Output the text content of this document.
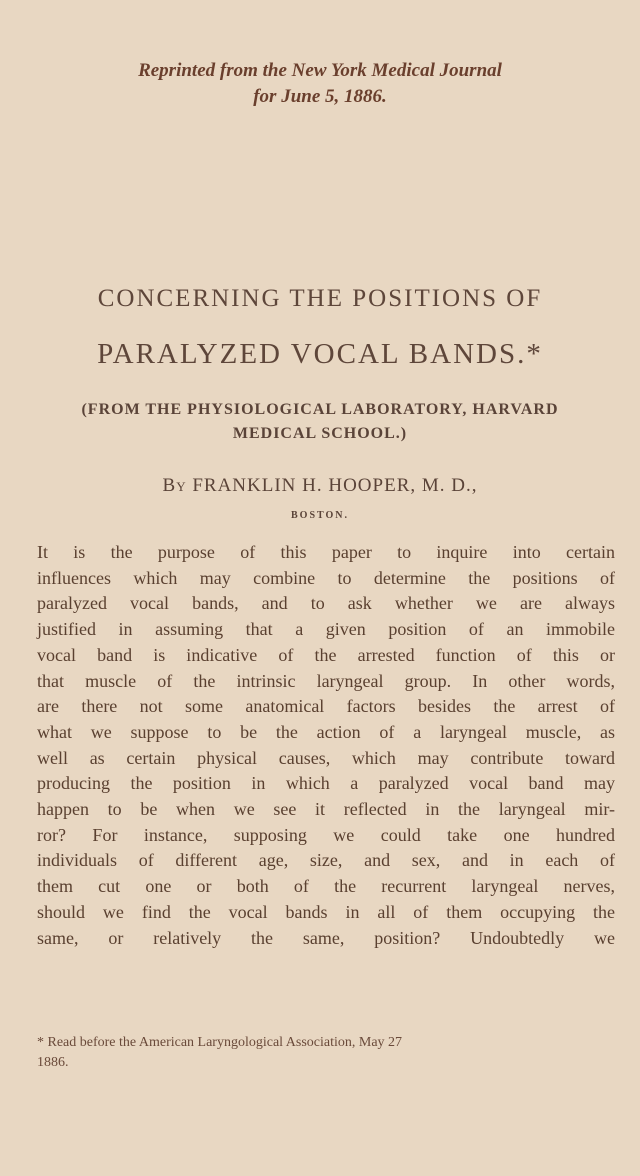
Reprinted from the New York Medical Journal
for June 5, 1886.
CONCERNING THE POSITIONS OF
PARALYZED VOCAL BANDS.*
(FROM THE PHYSIOLOGICAL LABORATORY, HARVARD
MEDICAL SCHOOL.)
By FRANKLIN H. HOOPER, M. D.,
BOSTON.
It is the purpose of this paper to inquire into certain
influences which may combine to determine the positions of
paralyzed vocal bands, and to ask whether we are always
justified in assuming that a given position of an immobile
vocal band is indicative of the arrested function of this or
that muscle of the intrinsic laryngeal group. In other words,
are there not some anatomical factors besides the arrest of
what we suppose to be the action of a laryngeal muscle, as
well as certain physical causes, which may contribute toward
producing the position in which a paralyzed vocal band may
happen to be when we see it reflected in the laryngeal mir-
ror? For instance, supposing we could take one hundred
individuals of different age, size, and sex, and in each of
them cut one or both of the recurrent laryngeal nerves,
should we find the vocal bands in all of them occupying the
same, or relatively the same, position? Undoubtedly we
* Read before the American Laryngological Association, May 27
1886.
